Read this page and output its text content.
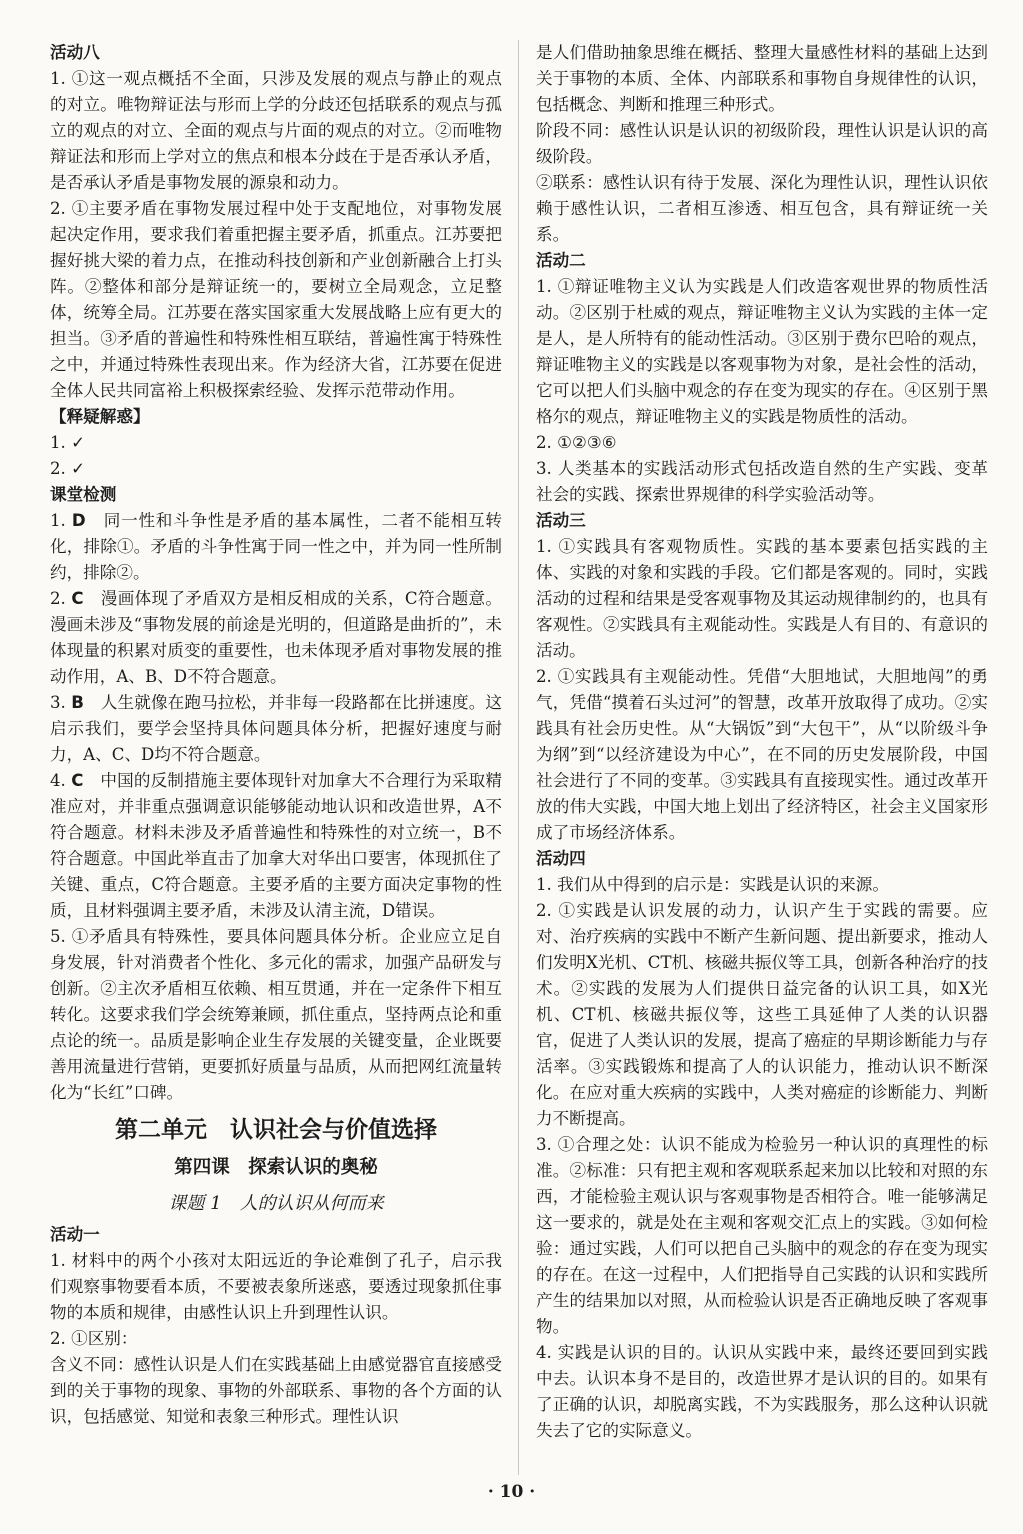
活动八

1. ①这一观点概括不全面，只涉及发展的观点与静止的观点的对立。唯物辩证法与形而上学的分歧还包括联系的观点与孤立的观点的对立、全面的观点与片面的观点的对立。②而唯物辩证法和形而上学对立的焦点和根本分歧在于是否承认矛盾，是否承认矛盾是事物发展的源泉和动力。

2. ①主要矛盾在事物发展过程中处于支配地位，对事物发展起决定作用，要求我们着重把握主要矛盾，抓重点。江苏要把握好挑大梁的着力点，在推动科技创新和产业创新融合上打头阵。②整体和部分是辩证统一的，要树立全局观念，立足整体，统筹全局。江苏要在落实国家重大发展战略上应有更大的担当。③矛盾的普遍性和特殊性相互联结，普遍性寓于特殊性之中，并通过特殊性表现出来。作为经济大省，江苏要在促进全体人民共同富裕上积极探索经验、发挥示范带动作用。

【释疑解惑】

1. ✓

2. ✓

课堂检测

1. D　 同一性和斗争性是矛盾的基本属性，二者不能相互转化，排除①。矛盾的斗争性寓于同一性之中，并为同一性所制约，排除②。

2. C　 漫画体现了矛盾双方是相反相成的关系，C符合题意。漫画未涉及“事物发展的前途是光明的，但道路是曲折的”，未体现量的积累对质变的重要性，也未体现矛盾对事物发展的推动作用，A、B、D不符合题意。

3. B　 人生就像在跑马拉松，并非每一段路都在比拼速度。这启示我们，要学会坚持具体问题具体分析，把握好速度与耐力，A、C、D均不符合题意。

4. C　 中国的反制措施主要体现针对加拿大不合理行为采取精准应对，并非重点强调意识能够能动地认识和改造世界，A不符合题意。材料未涉及矛盾普遍性和特殊性的对立统一，B不符合题意。中国此举直击了加拿大对华出口要害，体现抓住了关键、重点，C符合题意。主要矛盾的主要方面决定事物的性质，且材料强调主要矛盾，未涉及认清主流，D错误。

5. ①矛盾具有特殊性，要具体问题具体分析。企业应立足自身发展，针对消费者个性化、多元化的需求，加强产品研发与创新。②主次矛盾相互依赖、相互贯通，并在一定条件下相互转化。这要求我们学会统筹兼顾，抓住重点，坚持两点论和重点论的统一。品质是影响企业生存发展的关键变量，企业既要善用流量进行营销，更要抓好质量与品质，从而把网红流量转化为“长红”口碑。

第二单元　认识社会与价值选择

第四课　探索认识的奥秘

课题 1　人的认识从何而来

活动一

1. 材料中的两个小孩对太阳远近的争论难倒了孔子，启示我们观察事物要看本质，不要被表象所迷惑，要透过现象抓住事物的本质和规律，由感性认识上升到理性认识。

2. ①区别：

含义不同：感性认识是人们在实践基础上由感觉器官直接感受到的关于事物的现象、事物的外部联系、事物的各个方面的认识，包括感觉、知觉和表象三种形式。理性认识

是人们借助抽象思维在概括、整理大量感性材料的基础上达到关于事物的本质、全体、内部联系和事物自身规律性的认识，包括概念、判断和推理三种形式。

阶段不同：感性认识是认识的初级阶段，理性认识是认识的高级阶段。

②联系：感性认识有待于发展、深化为理性认识，理性认识依赖于感性认识，二者相互渗透、相互包含，具有辩证统一关系。

活动二

1. ①辩证唯物主义认为实践是人们改造客观世界的物质性活动。②区别于杜威的观点，辩证唯物主义认为实践的主体一定是人，是人所特有的能动性活动。③区别于费尔巴哈的观点，辩证唯物主义的实践是以客观事物为对象，是社会性的活动，它可以把人们头脑中观念的存在变为现实的存在。④区别于黑格尔的观点，辩证唯物主义的实践是物质性的活动。

2. ①②③⑥

3. 人类基本的实践活动形式包括改造自然的生产实践、变革社会的实践、探索世界规律的科学实验活动等。

活动三

1. ①实践具有客观物质性。实践的基本要素包括实践的主体、实践的对象和实践的手段。它们都是客观的。同时，实践活动的过程和结果是受客观事物及其运动规律制约的，也具有客观性。②实践具有主观能动性。实践是人有目的、有意识的活动。

2. ①实践具有主观能动性。凭借“大胆地试，大胆地闯”的勇气，凭借“摸着石头过河”的智慧，改革开放取得了成功。②实践具有社会历史性。从“大锅饭”到“大包干”，从“以阶级斗争为纲”到“以经济建设为中心”，在不同的历史发展阶段，中国社会进行了不同的变革。③实践具有直接现实性。通过改革开放的伟大实践，中国大地上划出了经济特区，社会主义国家形成了市场经济体系。

活动四

1. 我们从中得到的启示是：实践是认识的来源。

2. ①实践是认识发展的动力，认识产生于实践的需要。应对、治疗疾病的实践中不断产生新问题、提出新要求，推动人们发明X光机、CT机、核磁共振仪等工具，创新各种治疗的技术。②实践的发展为人们提供日益完备的认识工具，如X光机、CT机、核磁共振仪等，这些工具延伸了人类的认识器官，促进了人类认识的发展，提高了癌症的早期诊断能力与存活率。③实践锻炼和提高了人的认识能力，推动认识不断深化。在应对重大疾病的实践中，人类对癌症的诊断能力、判断力不断提高。

3. ①合理之处：认识不能成为检验另一种认识的真理性的标准。②标准：只有把主观和客观联系起来加以比较和对照的东西，才能检验主观认识与客观事物是否相符合。唯一能够满足这一要求的，就是处在主观和客观交汇点上的实践。③如何检验：通过实践，人们可以把自己头脑中的观念的存在变为现实的存在。在这一过程中，人们把指导自己实践的认识和实践所产生的结果加以对照，从而检验认识是否正确地反映了客观事物。

4. 实践是认识的目的。认识从实践中来，最终还要回到实践中去。认识本身不是目的，改造世界才是认识的目的。如果有了正确的认识，却脱离实践，不为实践服务，那么这种认识就失去了它的实际意义。

· 10 ·
